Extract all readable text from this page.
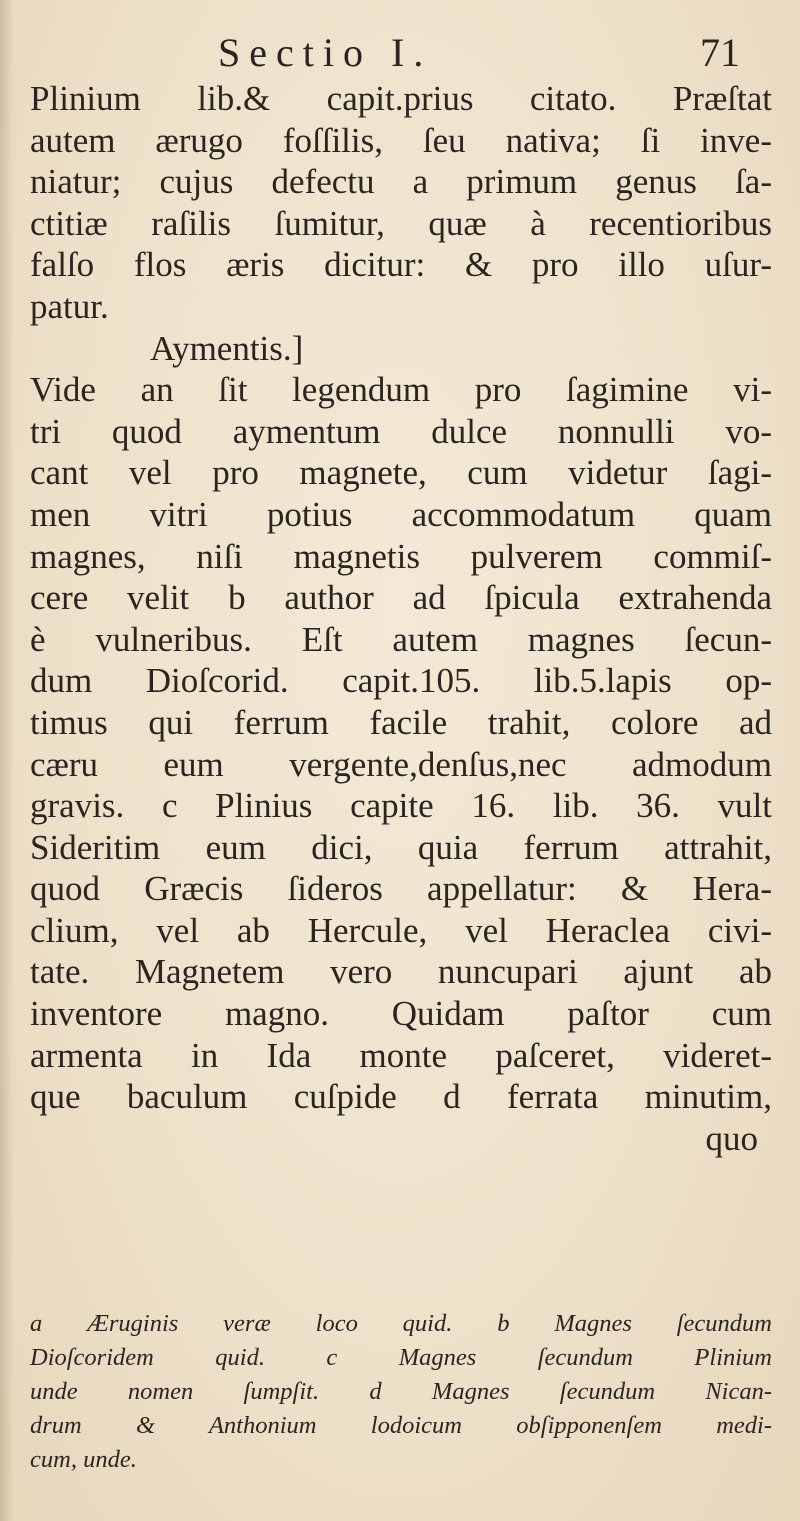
Sectio I.	71
Plinium lib.& capit.prius citato. Præſtat
autem ærugo foſſilis, ſeu nativa; ſi inve-
niatur; cujus defectu a primum genus ſa-
ctitiæ raſilis ſumitur, quæ à recentioribus
falſo flos æris dicitur: & pro illo uſur-
patur.
Aymentis.]
Vide an ſit legendum pro ſagimine vi-
tri quod aymentum dulce nonnulli vo-
cant vel pro magnete, cum videtur ſagi-
men vitri potius accommodatum quam
magnes, niſi magnetis pulverem commiſ-
cere velit b author ad ſpicula extrahenda
è vulneribus. Eſt autem magnes ſecun-
dum Dioſcorid. capit.105. lib.5.lapis op-
timus qui ferrum facile trahit, colore ad
cæru eum vergente,denſus,nec admodum
gravis. c Plinius capite 16. lib. 36. vult
Sideritim eum dici, quia ferrum attrahit,
quod Græcis ſideros appellatur: & Hera-
clium, vel ab Hercule, vel Heraclea civi-
tate. Magnetem vero nuncupari ajunt ab
inventore magno. Quidam paſtor cum
armenta in Ida monte paſceret, videret-
que baculum cuſpide d ferrata minutim,
quo
a Æruginis veræ loco quid. b Magnes ſecundum
Dioſcoridem quid. c Magnes ſecundum Plinium
unde nomen ſumpſit. d Magnes ſecundum Nican-
drum & Anthonium lodoicum obſipponenſem medi-
cum, unde.
